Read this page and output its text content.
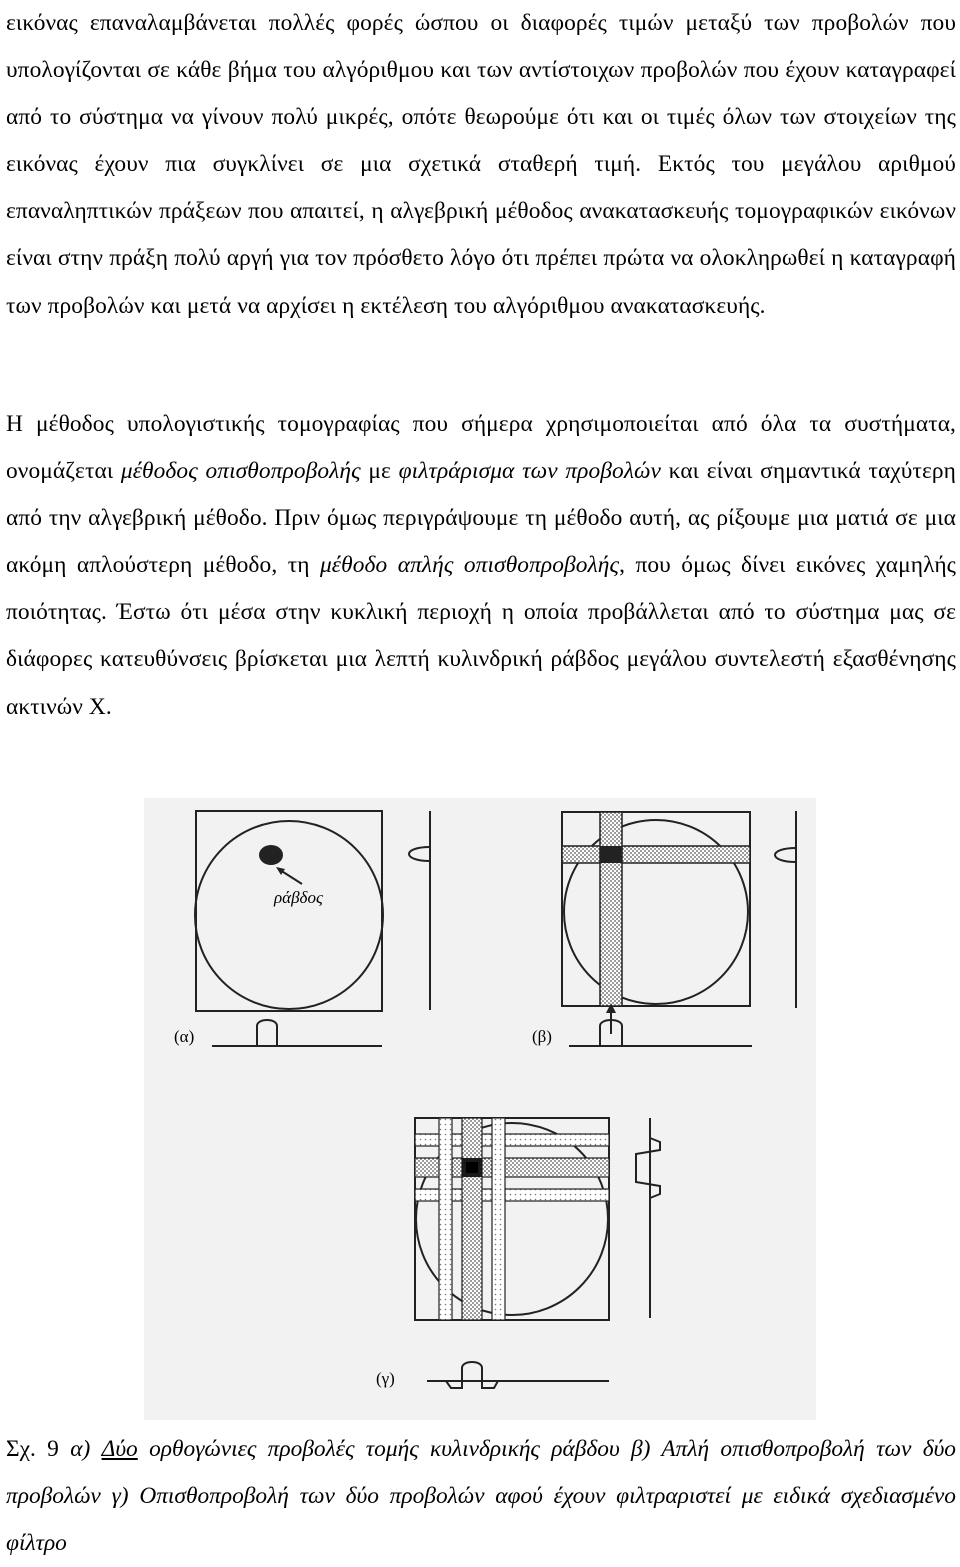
εικόνας επαναλαμβάνεται πολλές φορές ώσπου οι διαφορές τιμών μεταξύ των προβολών που υπολογίζονται σε κάθε βήμα του αλγόριθμου και των αντίστοιχων προβολών που έχουν καταγραφεί από το σύστημα να γίνουν πολύ μικρές, οπότε θεωρούμε ότι και οι τιμές όλων των στοιχείων της εικόνας έχουν πια συγκλίνει σε μια σχετικά σταθερή τιμή. Εκτός του μεγάλου αριθμού επαναληπτικών πράξεων που απαιτεί, η αλγεβρική μέθοδος ανακατασκευής τομογραφικών εικόνων είναι στην πράξη πολύ αργή για τον πρόσθετο λόγο ότι πρέπει πρώτα να ολοκληρωθεί η καταγραφή των προβολών και μετά να αρχίσει η εκτέλεση του αλγόριθμου ανακατασκευής.

Η μέθοδος υπολογιστικής τομογραφίας που σήμερα χρησιμοποιείται από όλα τα συστήματα, ονομάζεται μέθοδος οπισθοπροβολής με φιλτράρισμα των προβολών και είναι σημαντικά ταχύτερη από την αλγεβρική μέθοδο. Πριν όμως περιγράψουμε τη μέθοδο αυτή, ας ρίξουμε μια ματιά σε μια ακόμη απλούστερη μέθοδο, τη μέθοδο απλής οπισθοπροβολής, που όμως δίνει εικόνες χαμηλής ποιότητας. Έστω ότι μέσα στην κυκλική περιοχή η οποία προβάλλεται από το σύστημα μας σε διάφορες κατευθύνσεις βρίσκεται μια λεπτή κυλινδρική ράβδος μεγάλου συντελεστή εξασθένησης ακτινών Χ.

ράβδος
(α)	(β)
(γ)

Σχ. 9 α) Δύο ορθογώνιες προβολές τομής κυλινδρικής ράβδου β) Απλή οπισθοπροβολή των δύο προβολών γ) Οπισθοπροβολή των δύο προβολών αφού έχουν φιλτραριστεί με ειδικά σχεδιασμένο φίλτρο
